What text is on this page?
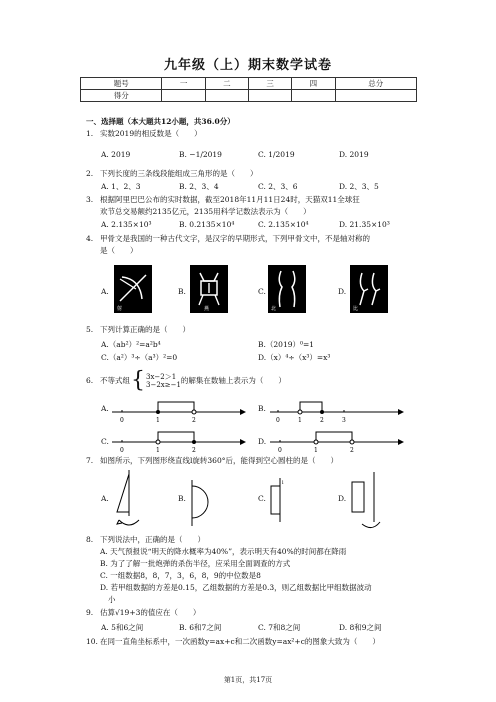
九年级（上）期末数学试卷
题号	一	二	三	四	总分
得分					
一、选择题（本大题共12小题，共36.0分）
1. 实数2019的相反数是（　　）
A. 2019	B. −1/2019	C. 1/2019	D. 2019
2. 下列长度的三条线段能组成三角形的是（　　）
A. 1、2、3	B. 2、3、4	C. 2、3、6	D. 2、3、5
3. 根据阿里巴巴公布的实时数据，截至2018年11月11日24时，天猫双11全球狂
欢节总交易额约2135亿元，2135用科学记数法表示为（　　）
A. 2.135×10³	B. 0.2135×10⁴	C. 2.135×10⁴	D. 21.35×10³
4. 甲骨文是我国的一种古代文字，是汉字的早期形式，下列甲骨文中，不是轴对称的
是（　　）
A.
射
B.
燕
C.
北
D.
比
5. 下列计算正确的是（　　）
A.（ab²）²=a²b⁴	B.（2019）⁰=1
C.（a²）³÷（a³）²=0	D.（x）⁴÷（x³）=x³
6. 不等式组{ 3x−2＞1
3−2x≥−1 的解集在数轴上表示为（　　）
A.
0	1	2
B.
0	1	2	3
C.
0	1	2
D.
0	1	2
7. 如图所示，下列图形绕直线l旋转360°后，能得到空心圆柱的是（　　）
A.	B.	C.
l
D.
8. 下列说法中，正确的是（　　）
A. 天气预报说“明天的降水概率为40%”，表示明天有40%的时间都在降雨
B. 为了了解一批炮弹的杀伤半径，应采用全面调查的方式
C. 一组数据8，8，7，3，6，8，9的中位数是8
D. 若甲组数据的方差是0.15，乙组数据的方差是0.3，则乙组数据比甲组数据波动
小
9. 估算√19+3的值应在（　　）
A. 5和6之间	B. 6和7之间	C. 7和8之间	D. 8和9之间
10. 在同一直角坐标系中，一次函数y=ax+c和二次函数y=ax²+c的图象大致为（　　）
第1页，共17页
